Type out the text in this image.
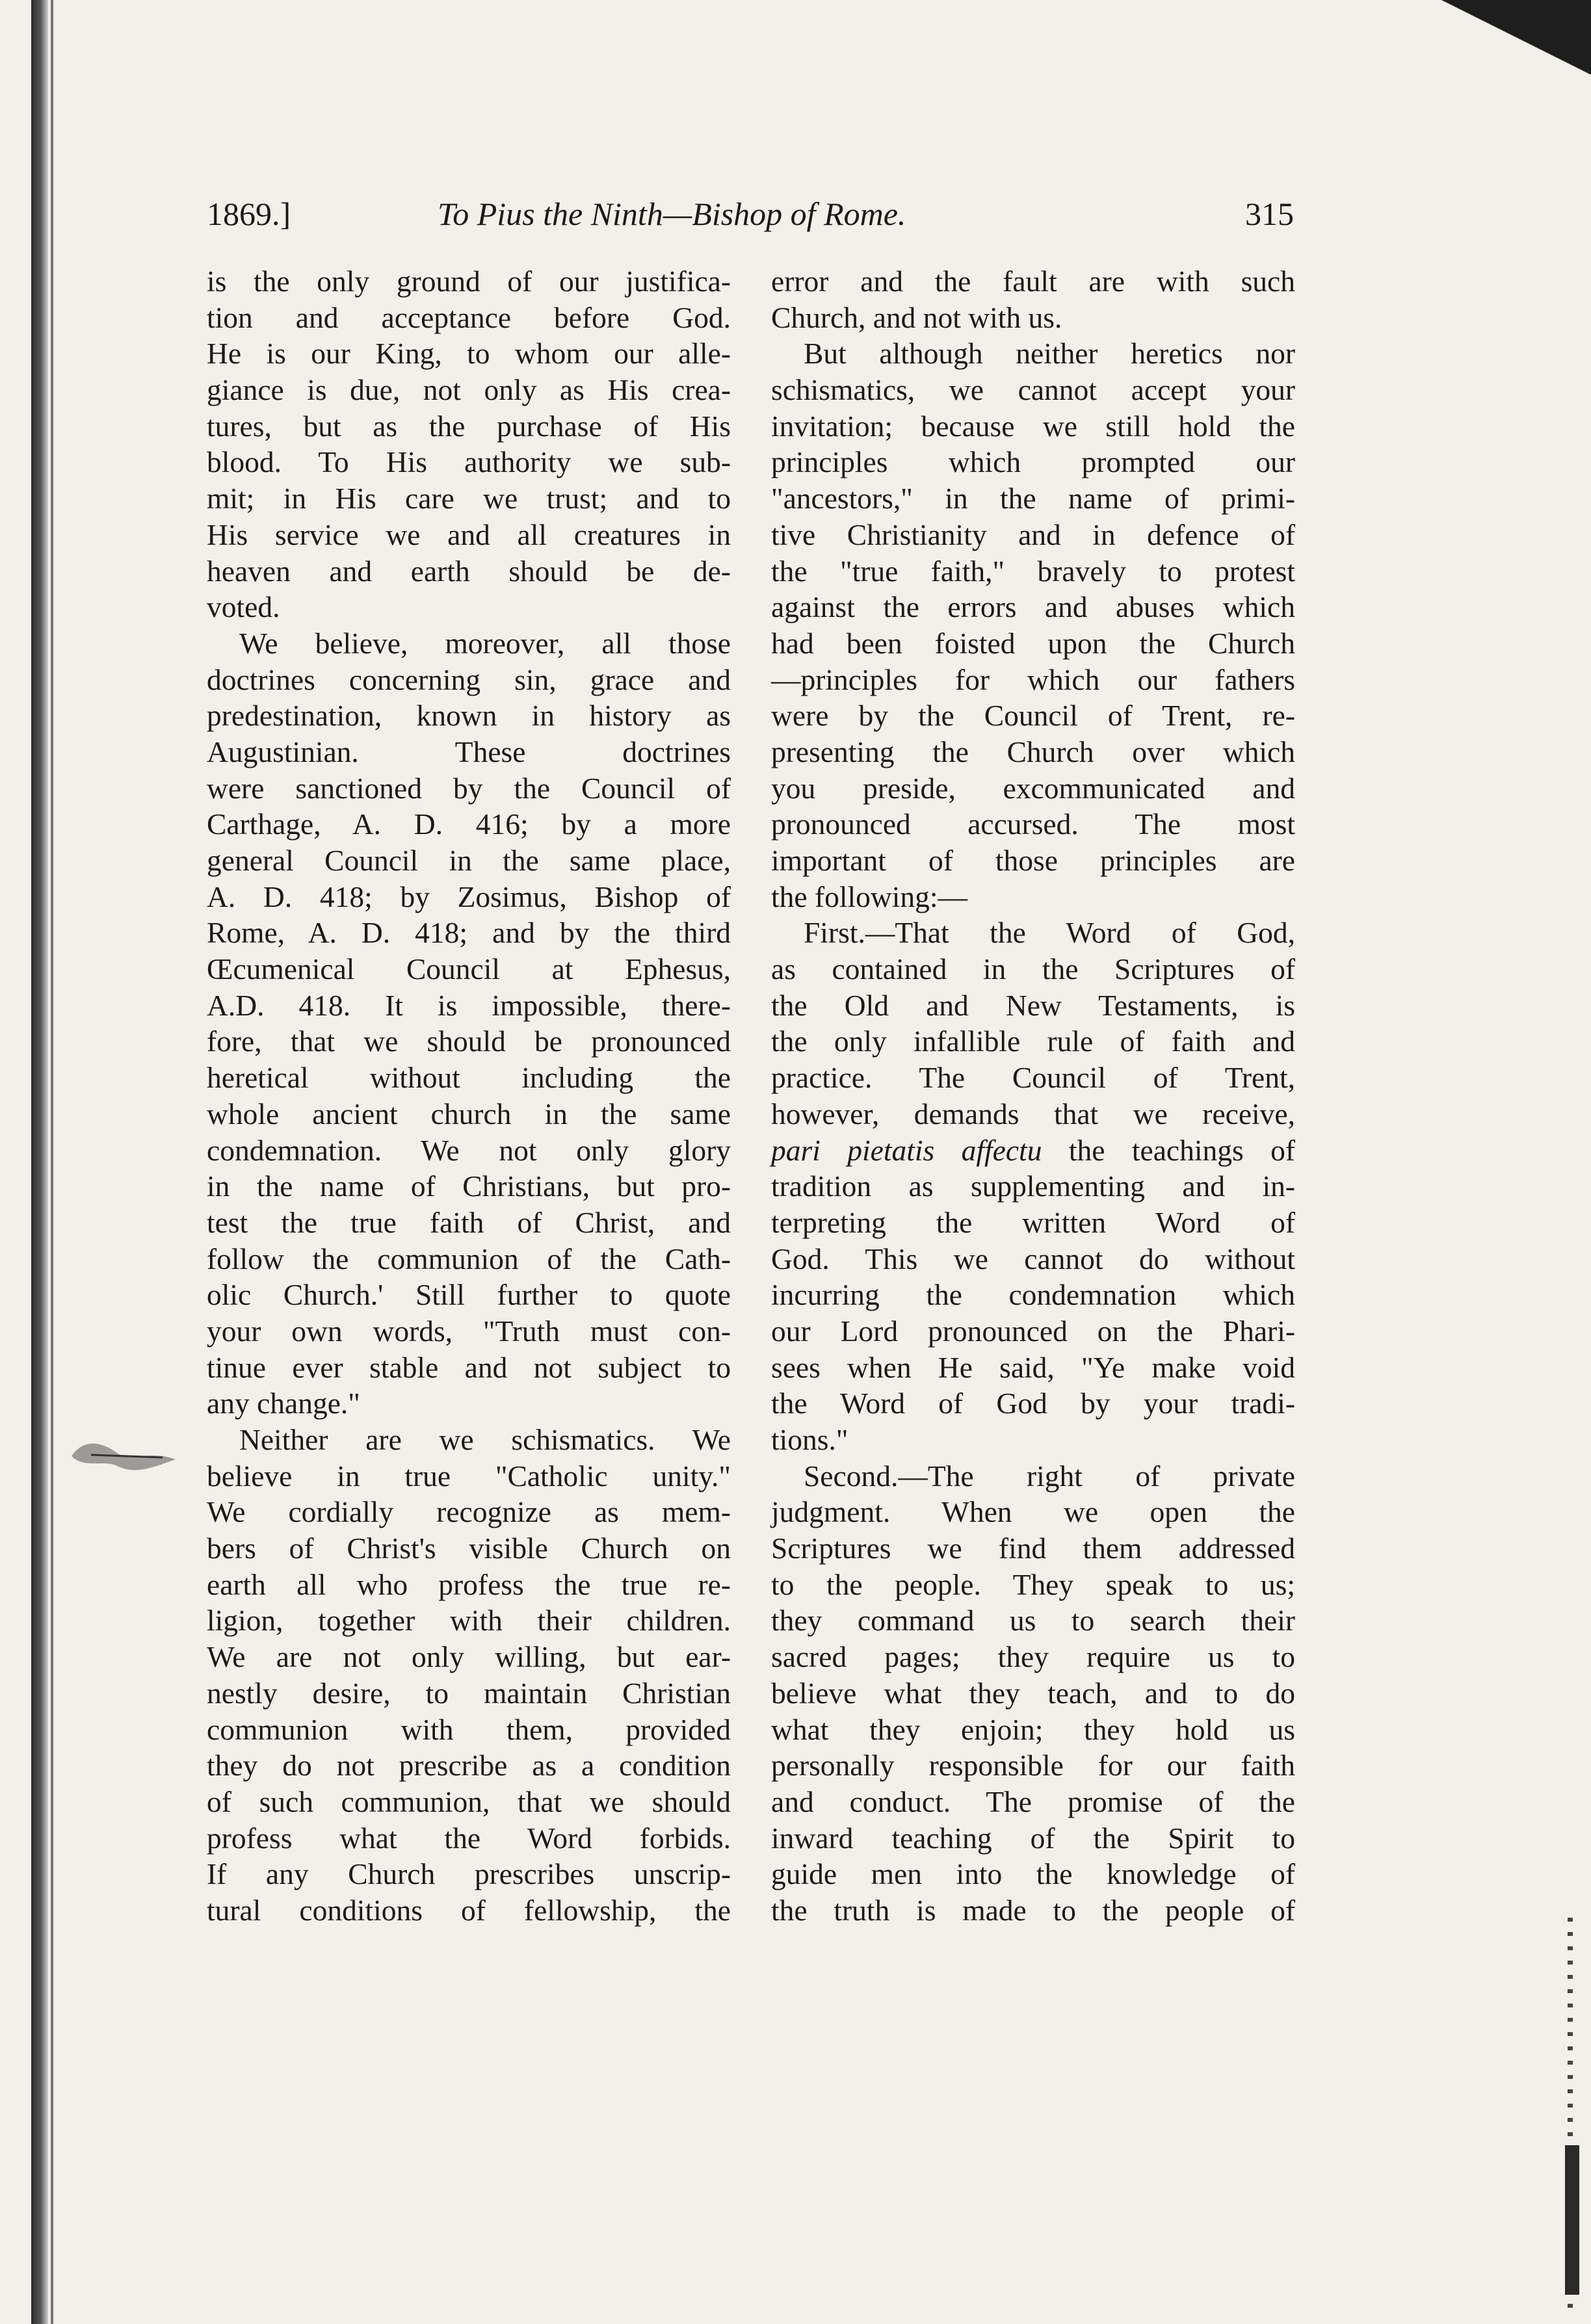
1869.]	To Pius the Ninth—Bishop of Rome.	315
is the only ground of our justifica-
tion and acceptance before God.
He is our King, to whom our alle-
giance is due, not only as His crea-
tures, but as the purchase of His
blood. To His authority we sub-
mit; in His care we trust; and to
His service we and all creatures in
heaven and earth should be de-
voted.
We believe, moreover, all those
doctrines concerning sin, grace and
predestination, known in history as
Augustinian. These doctrines
were sanctioned by the Council of
Carthage, A. D. 416; by a more
general Council in the same place,
A. D. 418; by Zosimus, Bishop of
Rome, A. D. 418; and by the third
Œcumenical Council at Ephesus,
A.D. 418. It is impossible, there-
fore, that we should be pronounced
heretical without including the
whole ancient church in the same
condemnation. We not only glory
in the name of Christians, but pro-
test the true faith of Christ, and
follow the communion of the Cath-
olic Church.' Still further to quote
your own words, "Truth must con-
tinue ever stable and not subject to
any change."
Neither are we schismatics. We
believe in true "Catholic unity."
We cordially recognize as mem-
bers of Christ's visible Church on
earth all who profess the true re-
ligion, together with their children.
We are not only willing, but ear-
nestly desire, to maintain Christian
communion with them, provided
they do not prescribe as a condition
of such communion, that we should
profess what the Word forbids.
If any Church prescribes unscrip-
tural conditions of fellowship, the
error and the fault are with such
Church, and not with us.
But although neither heretics nor
schismatics, we cannot accept your
invitation; because we still hold the
principles which prompted our
"ancestors," in the name of primi-
tive Christianity and in defence of
the "true faith," bravely to protest
against the errors and abuses which
had been foisted upon the Church
—principles for which our fathers
were by the Council of Trent, re-
presenting the Church over which
you preside, excommunicated and
pronounced accursed. The most
important of those principles are
the following:—
First.—That the Word of God,
as contained in the Scriptures of
the Old and New Testaments, is
the only infallible rule of faith and
practice. The Council of Trent,
however, demands that we receive,
pari pietatis affectu the teachings of
tradition as supplementing and in-
terpreting the written Word of
God. This we cannot do without
incurring the condemnation which
our Lord pronounced on the Phari-
sees when He said, "Ye make void
the Word of God by your tradi-
tions."
Second.—The right of private
judgment. When we open the
Scriptures we find them addressed
to the people. They speak to us;
they command us to search their
sacred pages; they require us to
believe what they teach, and to do
what they enjoin; they hold us
personally responsible for our faith
and conduct. The promise of the
inward teaching of the Spirit to
guide men into the knowledge of
the truth is made to the people of
